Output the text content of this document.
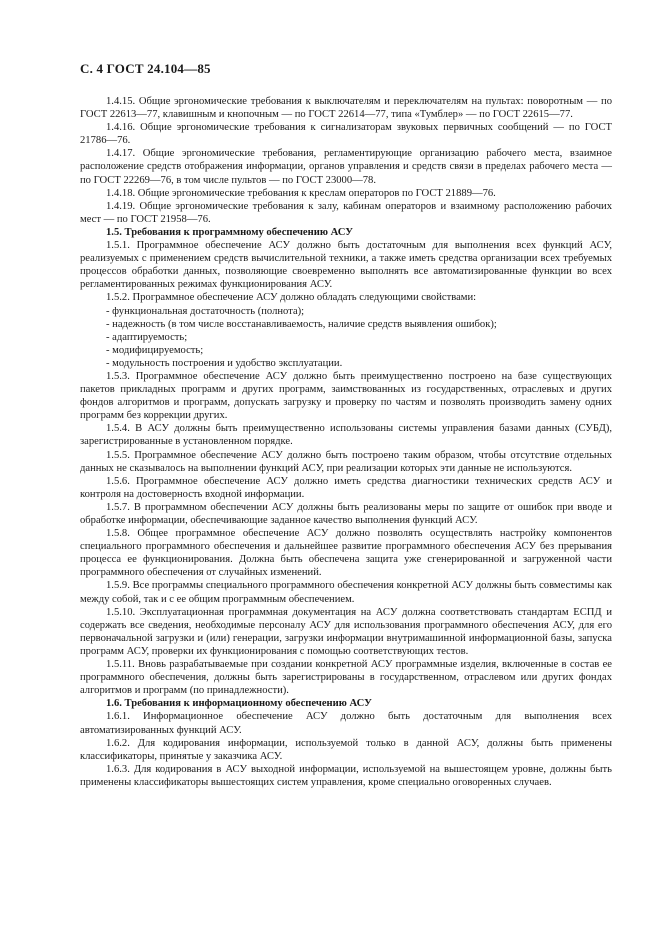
С. 4 ГОСТ 24.104—85

1.4.15. Общие эргономические требования к выключателям и переключателям на пультах: поворотным — по ГОСТ 22613—77, клавишным и кнопочным — по ГОСТ 22614—77, типа «Тумблер» — по ГОСТ 22615—77.

1.4.16. Общие эргономические требования к сигнализаторам звуковых первичных сообщений — по ГОСТ 21786—76.

1.4.17. Общие эргономические требования, регламентирующие организацию рабочего места, взаимное расположение средств отображения информации, органов управления и средств связи в пределах рабочего места — по ГОСТ 22269—76, в том числе пультов — по ГОСТ 23000—78.

1.4.18. Общие эргономические требования к креслам операторов по ГОСТ 21889—76.

1.4.19. Общие эргономические требования к залу, кабинам операторов и взаимному расположению рабочих мест — по ГОСТ 21958—76.

1.5. Требования к программному обеспечению АСУ

1.5.1. Программное обеспечение АСУ должно быть достаточным для выполнения всех функций АСУ, реализуемых с применением средств вычислительной техники, а также иметь средства организации всех требуемых процессов обработки данных, позволяющие своевременно выполнять все автоматизированные функции во всех регламентированных режимах функционирования АСУ.

1.5.2. Программное обеспечение АСУ должно обладать следующими свойствами:

- функциональная достаточность (полнота);

- надежность (в том числе восстанавливаемость, наличие средств выявления ошибок);

- адаптируемость;

- модифицируемость;

- модульность построения и удобство эксплуатации.

1.5.3. Программное обеспечение АСУ должно быть преимущественно построено на базе существующих пакетов прикладных программ и других программ, заимствованных из государственных, отраслевых и других фондов алгоритмов и программ, допускать загрузку и проверку по частям и позволять производить замену одних программ без коррекции других.

1.5.4. В АСУ должны быть преимущественно использованы системы управления базами данных (СУБД), зарегистрированные в установленном порядке.

1.5.5. Программное обеспечение АСУ должно быть построено таким образом, чтобы отсутствие отдельных данных не сказывалось на выполнении функций АСУ, при реализации которых эти данные не используются.

1.5.6. Программное обеспечение АСУ должно иметь средства диагностики технических средств АСУ и контроля на достоверность входной информации.

1.5.7. В программном обеспечении АСУ должны быть реализованы меры по защите от ошибок при вводе и обработке информации, обеспечивающие заданное качество выполнения функций АСУ.

1.5.8. Общее программное обеспечение АСУ должно позволять осуществлять настройку компонентов специального программного обеспечения и дальнейшее развитие программного обеспечения АСУ без прерывания процесса ее функционирования. Должна быть обеспечена защита уже сгенерированной и загруженной части программного обеспечения от случайных изменений.

1.5.9. Все программы специального программного обеспечения конкретной АСУ должны быть совместимы как между собой, так и с ее общим программным обеспечением.

1.5.10. Эксплуатационная программная документация на АСУ должна соответствовать стандартам ЕСПД и содержать все сведения, необходимые персоналу АСУ для использования программного обеспечения АСУ, для его первоначальной загрузки и (или) генерации, загрузки информации внутримашинной информационной базы, запуска программ АСУ, проверки их функционирования с помощью соответствующих тестов.

1.5.11. Вновь разрабатываемые при создании конкретной АСУ программные изделия, включенные в состав ее программного обеспечения, должны быть зарегистрированы в государственном, отраслевом или других фондах алгоритмов и программ (по принадлежности).

1.6. Требования к информационному обеспечению АСУ

1.6.1. Информационное обеспечение АСУ должно быть достаточным для выполнения всех автоматизированных функций АСУ.

1.6.2. Для кодирования информации, используемой только в данной АСУ, должны быть применены классификаторы, принятые у заказчика АСУ.

1.6.3. Для кодирования в АСУ выходной информации, используемой на вышестоящем уровне, должны быть применены классификаторы вышестоящих систем управления, кроме специально оговоренных случаев.
